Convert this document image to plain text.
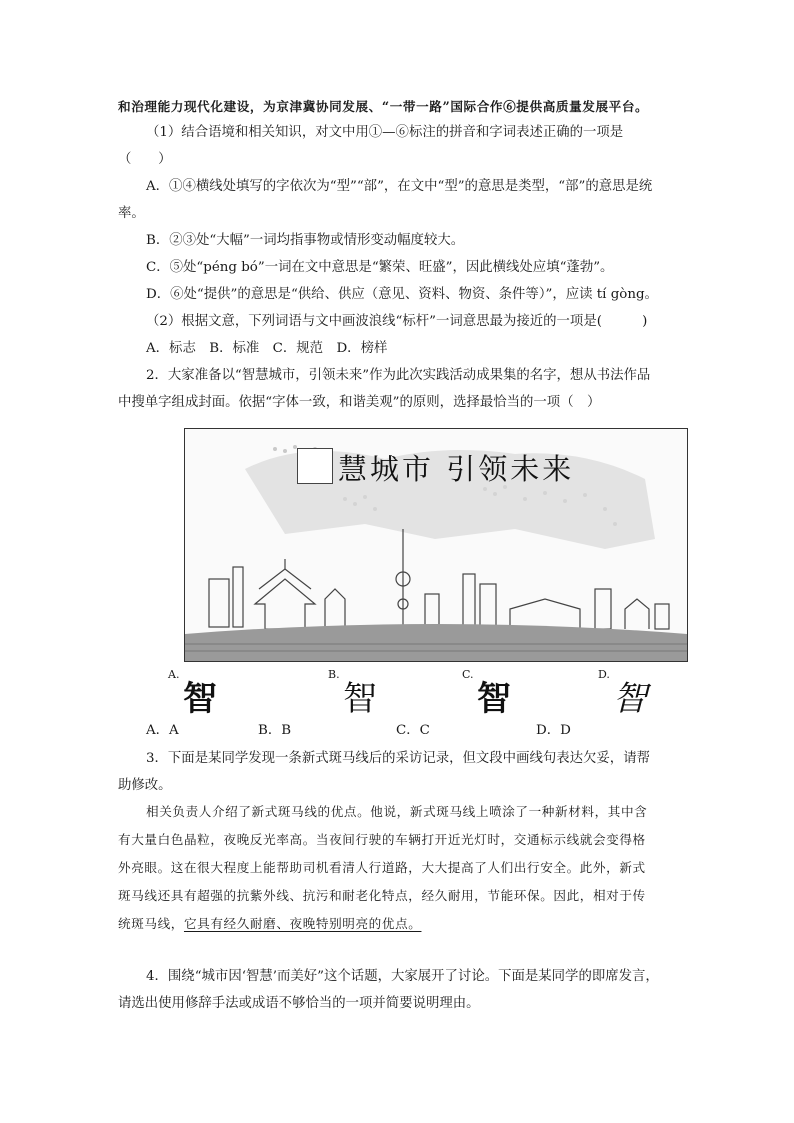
和治理能力现代化建设，为京津冀协同发展、“一带一路”国际合作⑥提供高质量发展平台。
（1）结合语境和相关知识，对文中用①—⑥标注的拼音和字词表述正确的一项是
（　　）
A．①④横线处填写的字依次为“型”“部”，在文中“型”的意思是类型，“部”的意思是统
率。
B．②③处“大幅”一词均指事物或情形变动幅度较大。
C．⑤处“péng bó”一词在文中意思是“繁荣、旺盛”，因此横线处应填“蓬勃”。
D．⑥处“提供”的意思是“供给、供应（意见、资料、物资、条件等）”，应读 tí gòng。
（2）根据文意，下列词语与文中画波浪线“标杆”一词意思最为接近的一项是(　　　)
A．标志　B．标准　C．规范　D．榜样
2．大家准备以“智慧城市，引领未来”作为此次实践活动成果集的名字，想从书法作品
中搜单字组成封面。依据“字体一致，和谐美观”的原则，选择最恰当的一项（　）
慧城市 引领未来
A.
智
B.
智
C.
智
D.
智
A．A	B．B	C．C	D．D
3．下面是某同学发现一条新式斑马线后的采访记录，但文段中画线句表达欠妥，请帮
助修改。
相关负责人介绍了新式斑马线的优点。他说，新式斑马线上喷涂了一种新材料，其中含
有大量白色晶粒，夜晚反光率高。当夜间行驶的车辆打开近光灯时，交通标示线就会变得格
外亮眼。这在很大程度上能帮助司机看清人行道路，大大提高了人们出行安全。此外，新式
斑马线还具有超强的抗紫外线、抗污和耐老化特点，经久耐用，节能环保。因此，相对于传
统斑马线，它具有经久耐磨、夜晚特别明亮的优点。
4．围绕“城市因‘智慧’而美好”这个话题，大家展开了讨论。下面是某同学的即席发言，
请选出使用修辞手法或成语不够恰当的一项并简要说明理由。
